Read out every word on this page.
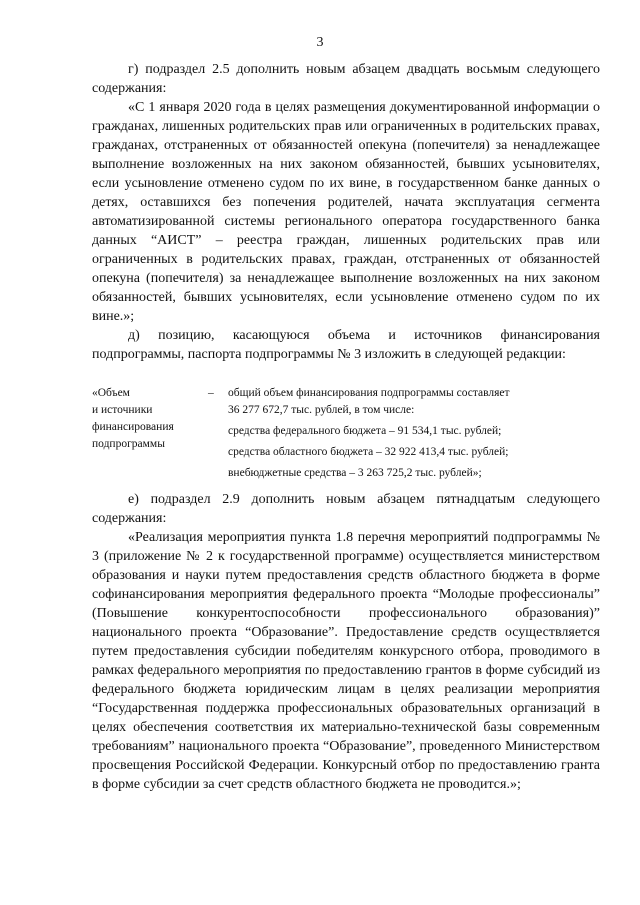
3

г) подраздел 2.5 дополнить новым абзацем двадцать восьмым следующего содержания:

«С 1 января 2020 года в целях размещения документированной информации о гражданах, лишенных родительских прав или ограниченных в родительских правах, гражданах, отстраненных от обязанностей опекуна (попечителя) за ненадлежащее выполнение возложенных на них законом обязанностей, бывших усыновителях, если усыновление отменено судом по их вине, в государственном банке данных о детях, оставшихся без попечения родителей, начата эксплуатация сегмента автоматизированной системы регионального оператора государственного банка данных “АИСТ” – реестра граждан, лишенных родительских прав или ограниченных в родительских правах, граждан, отстраненных от обязанностей опекуна (попечителя) за ненадлежащее выполнение возложенных на них законом обязанностей, бывших усыновителях, если усыновление отменено судом по их вине.»;

д) позицию, касающуюся объема и источников финансирования подпрограммы, паспорта подпрограммы № 3 изложить в следующей редакции:

«Объем
и источники
финансирования
подпрограммы
– общий объем финансирования подпрограммы составляет
36 277 672,7 тыс. рублей, в том числе:
средства федерального бюджета – 91 534,1 тыс. рублей;
средства областного бюджета – 32 922 413,4 тыс. рублей;
внебюджетные средства – 3 263 725,2 тыс. рублей»;

е) подраздел 2.9 дополнить новым абзацем пятнадцатым следующего содержания:

«Реализация мероприятия пункта 1.8 перечня мероприятий подпрограммы № 3 (приложение № 2 к государственной программе) осуществляется министерством образования и науки путем предоставления средств областного бюджета в форме софинансирования мероприятия федерального проекта “Молодые профессионалы” (Повышение конкурентоспособности профессионального образования)” национального проекта “Образование”. Предоставление средств осуществляется путем предоставления субсидии победителям конкурсного отбора, проводимого в рамках федерального мероприятия по предоставлению грантов в форме субсидий из федерального бюджета юридическим лицам в целях реализации мероприятия “Государственная поддержка профессиональных образовательных организаций в целях обеспечения соответствия их материально-технической базы современным требованиям” национального проекта “Образование”, проведенного Министерством просвещения Российской Федерации. Конкурсный отбор по предоставлению гранта в форме субсидии за счет средств областного бюджета не проводится.»;
